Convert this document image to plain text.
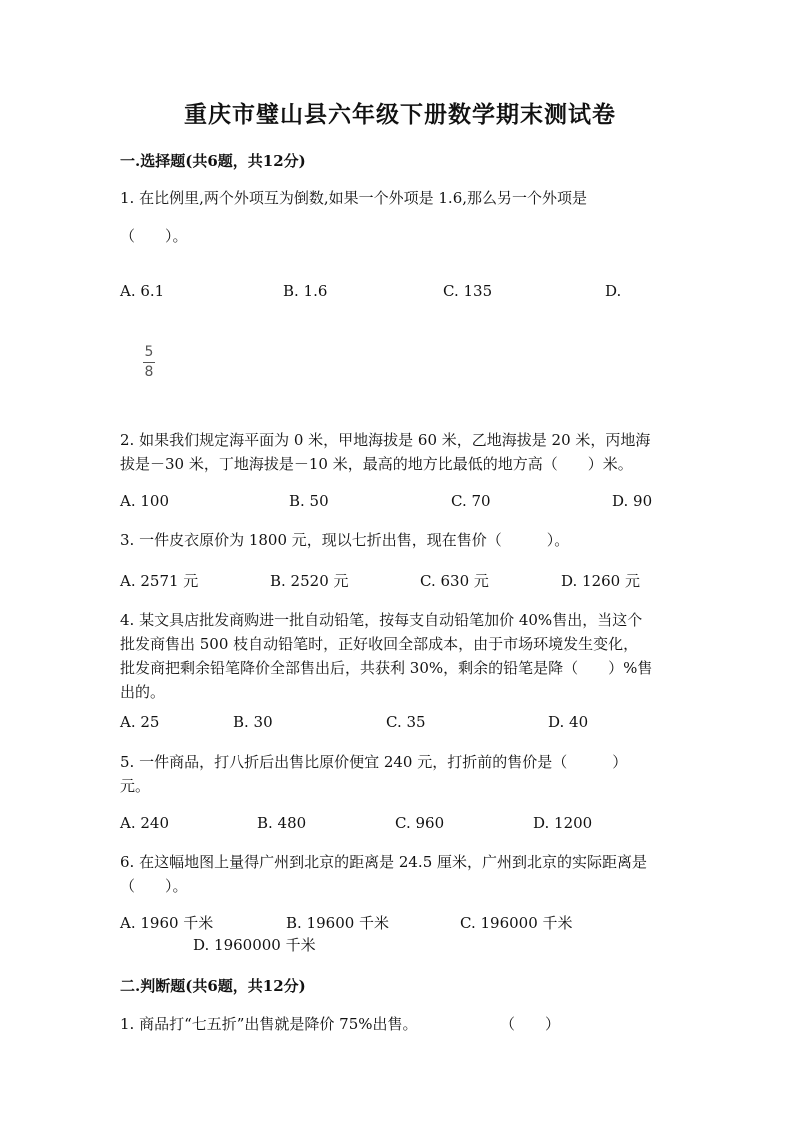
重庆市璧山县六年级下册数学期末测试卷
一.选择题(共6题，共12分)
1. 在比例里,两个外项互为倒数,如果一个外项是 1.6,那么另一个外项是
（　　）。
A. 6.1	B. 1.6	C. 135	D.
5
8
2. 如果我们规定海平面为 0 米，甲地海拔是 60 米，乙地海拔是 20 米，丙地海
拔是－30 米，丁地海拔是－10 米，最高的地方比最低的地方高（　　）米。
A. 100	B. 50	C. 70	D. 90
3. 一件皮衣原价为 1800 元，现以七折出售，现在售价（　　　）。
A. 2571 元	B. 2520 元	C. 630 元	D. 1260 元
4. 某文具店批发商购进一批自动铅笔，按每支自动铅笔加价 40%售出，当这个
批发商售出 500 枝自动铅笔时，正好收回全部成本，由于市场环境发生变化，
批发商把剩余铅笔降价全部售出后，共获利 30%，剩余的铅笔是降（　　）%售
出的。
A. 25	B. 30	C. 35	D. 40
5. 一件商品，打八折后出售比原价便宜 240 元，打折前的售价是（　　　）
元。
A. 240	B. 480	C. 960	D. 1200
6. 在这幅地图上量得广州到北京的距离是 24.5 厘米，广州到北京的实际距离是
（　　）。
A. 1960 千米	B. 19600 千米	C. 196000 千米
D. 1960000 千米
二.判断题(共6题，共12分)
1. 商品打“七五折”出售就是降价 75%出售。	（　　）
